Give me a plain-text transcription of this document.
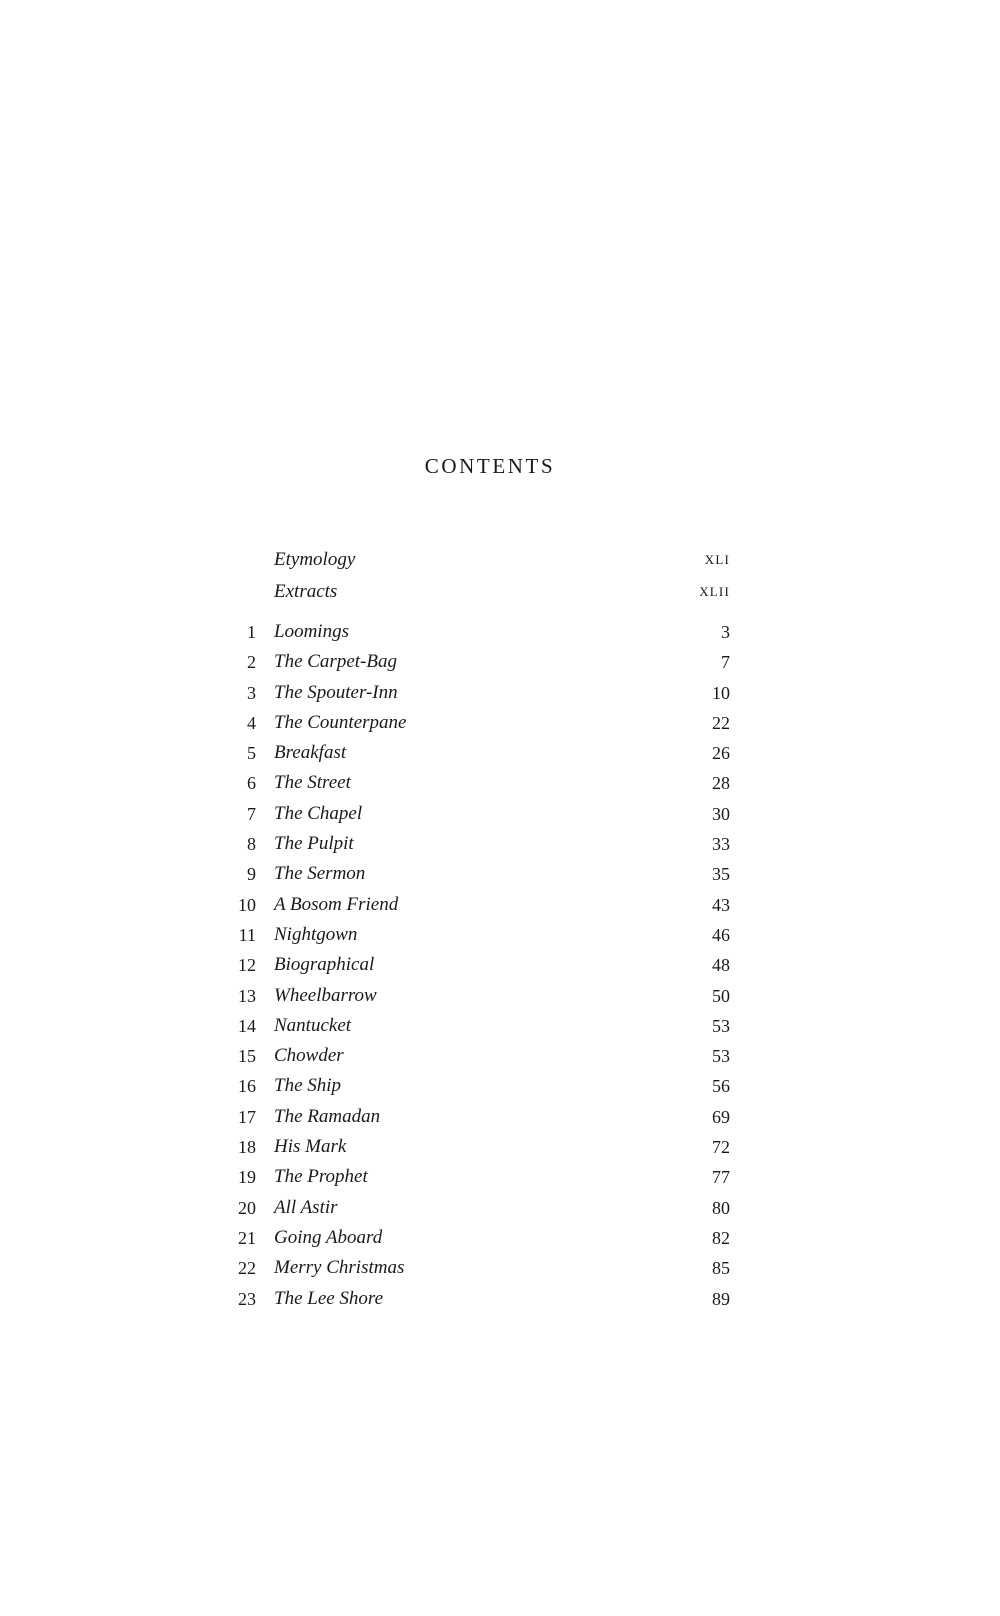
CONTENTS
Etymology	XLI
Extracts	XLII
1 Loomings	3
2 The Carpet-Bag	7
3 The Spouter-Inn	10
4 The Counterpane	22
5 Breakfast	26
6 The Street	28
7 The Chapel	30
8 The Pulpit	33
9 The Sermon	35
10 A Bosom Friend	43
11 Nightgown	46
12 Biographical	48
13 Wheelbarrow	50
14 Nantucket	53
15 Chowder	53
16 The Ship	56
17 The Ramadan	69
18 His Mark	72
19 The Prophet	77
20 All Astir	80
21 Going Aboard	82
22 Merry Christmas	85
23 The Lee Shore	89
